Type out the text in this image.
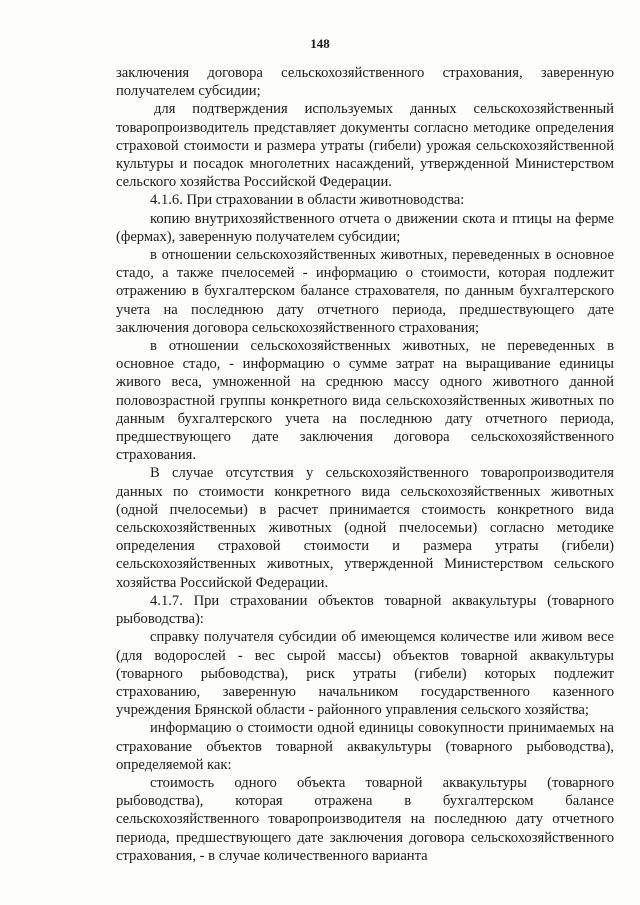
148

заключения договора сельскохозяйственного страхования, заверенную получателем субсидии;

для подтверждения используемых данных сельскохозяйственный товаропроизводитель представляет документы согласно методике определения страховой стоимости и размера утраты (гибели) урожая сельскохозяйственной культуры и посадок многолетних насаждений, утвержденной Министерством сельского хозяйства Российской Федерации.

4.1.6. При страховании в области животноводства:

копию внутрихозяйственного отчета о движении скота и птицы на ферме (фермах), заверенную получателем субсидии;

в отношении сельскохозяйственных животных, переведенных в основное стадо, а также пчелосемей - информацию о стоимости, которая подлежит отражению в бухгалтерском балансе страхователя, по данным бухгалтерского учета на последнюю дату отчетного периода, предшествующего дате заключения договора сельскохозяйственного страхования;

в отношении сельскохозяйственных животных, не переведенных в основное стадо, - информацию о сумме затрат на выращивание единицы живого веса, умноженной на среднюю массу одного животного данной половозрастной группы конкретного вида сельскохозяйственных животных по данным бухгалтерского учета на последнюю дату отчетного периода, предшествующего дате заключения договора сельскохозяйственного страхования.

В случае отсутствия у сельскохозяйственного товаропроизводителя данных по стоимости конкретного вида сельскохозяйственных животных (одной пчелосемьи) в расчет принимается стоимость конкретного вида сельскохозяйственных животных (одной пчелосемьи) согласно методике определения страховой стоимости и размера утраты (гибели) сельскохозяйственных животных, утвержденной Министерством сельского хозяйства Российской Федерации.

4.1.7. При страховании объектов товарной аквакультуры (товарного рыбоводства):

справку получателя субсидии об имеющемся количестве или живом весе (для водорослей - вес сырой массы) объектов товарной аквакультуры (товарного рыбоводства), риск утраты (гибели) которых подлежит страхованию, заверенную начальником государственного казенного учреждения Брянской области - районного управления сельского хозяйства;

информацию о стоимости одной единицы совокупности принимаемых на страхование объектов товарной аквакультуры (товарного рыбоводства), определяемой как:

стоимость одного объекта товарной аквакультуры (товарного рыбоводства), которая отражена в бухгалтерском балансе сельскохозяйственного товаропроизводителя на последнюю дату отчетного периода, предшествующего дате заключения договора сельскохозяйственного страхования, - в случае количественного варианта
